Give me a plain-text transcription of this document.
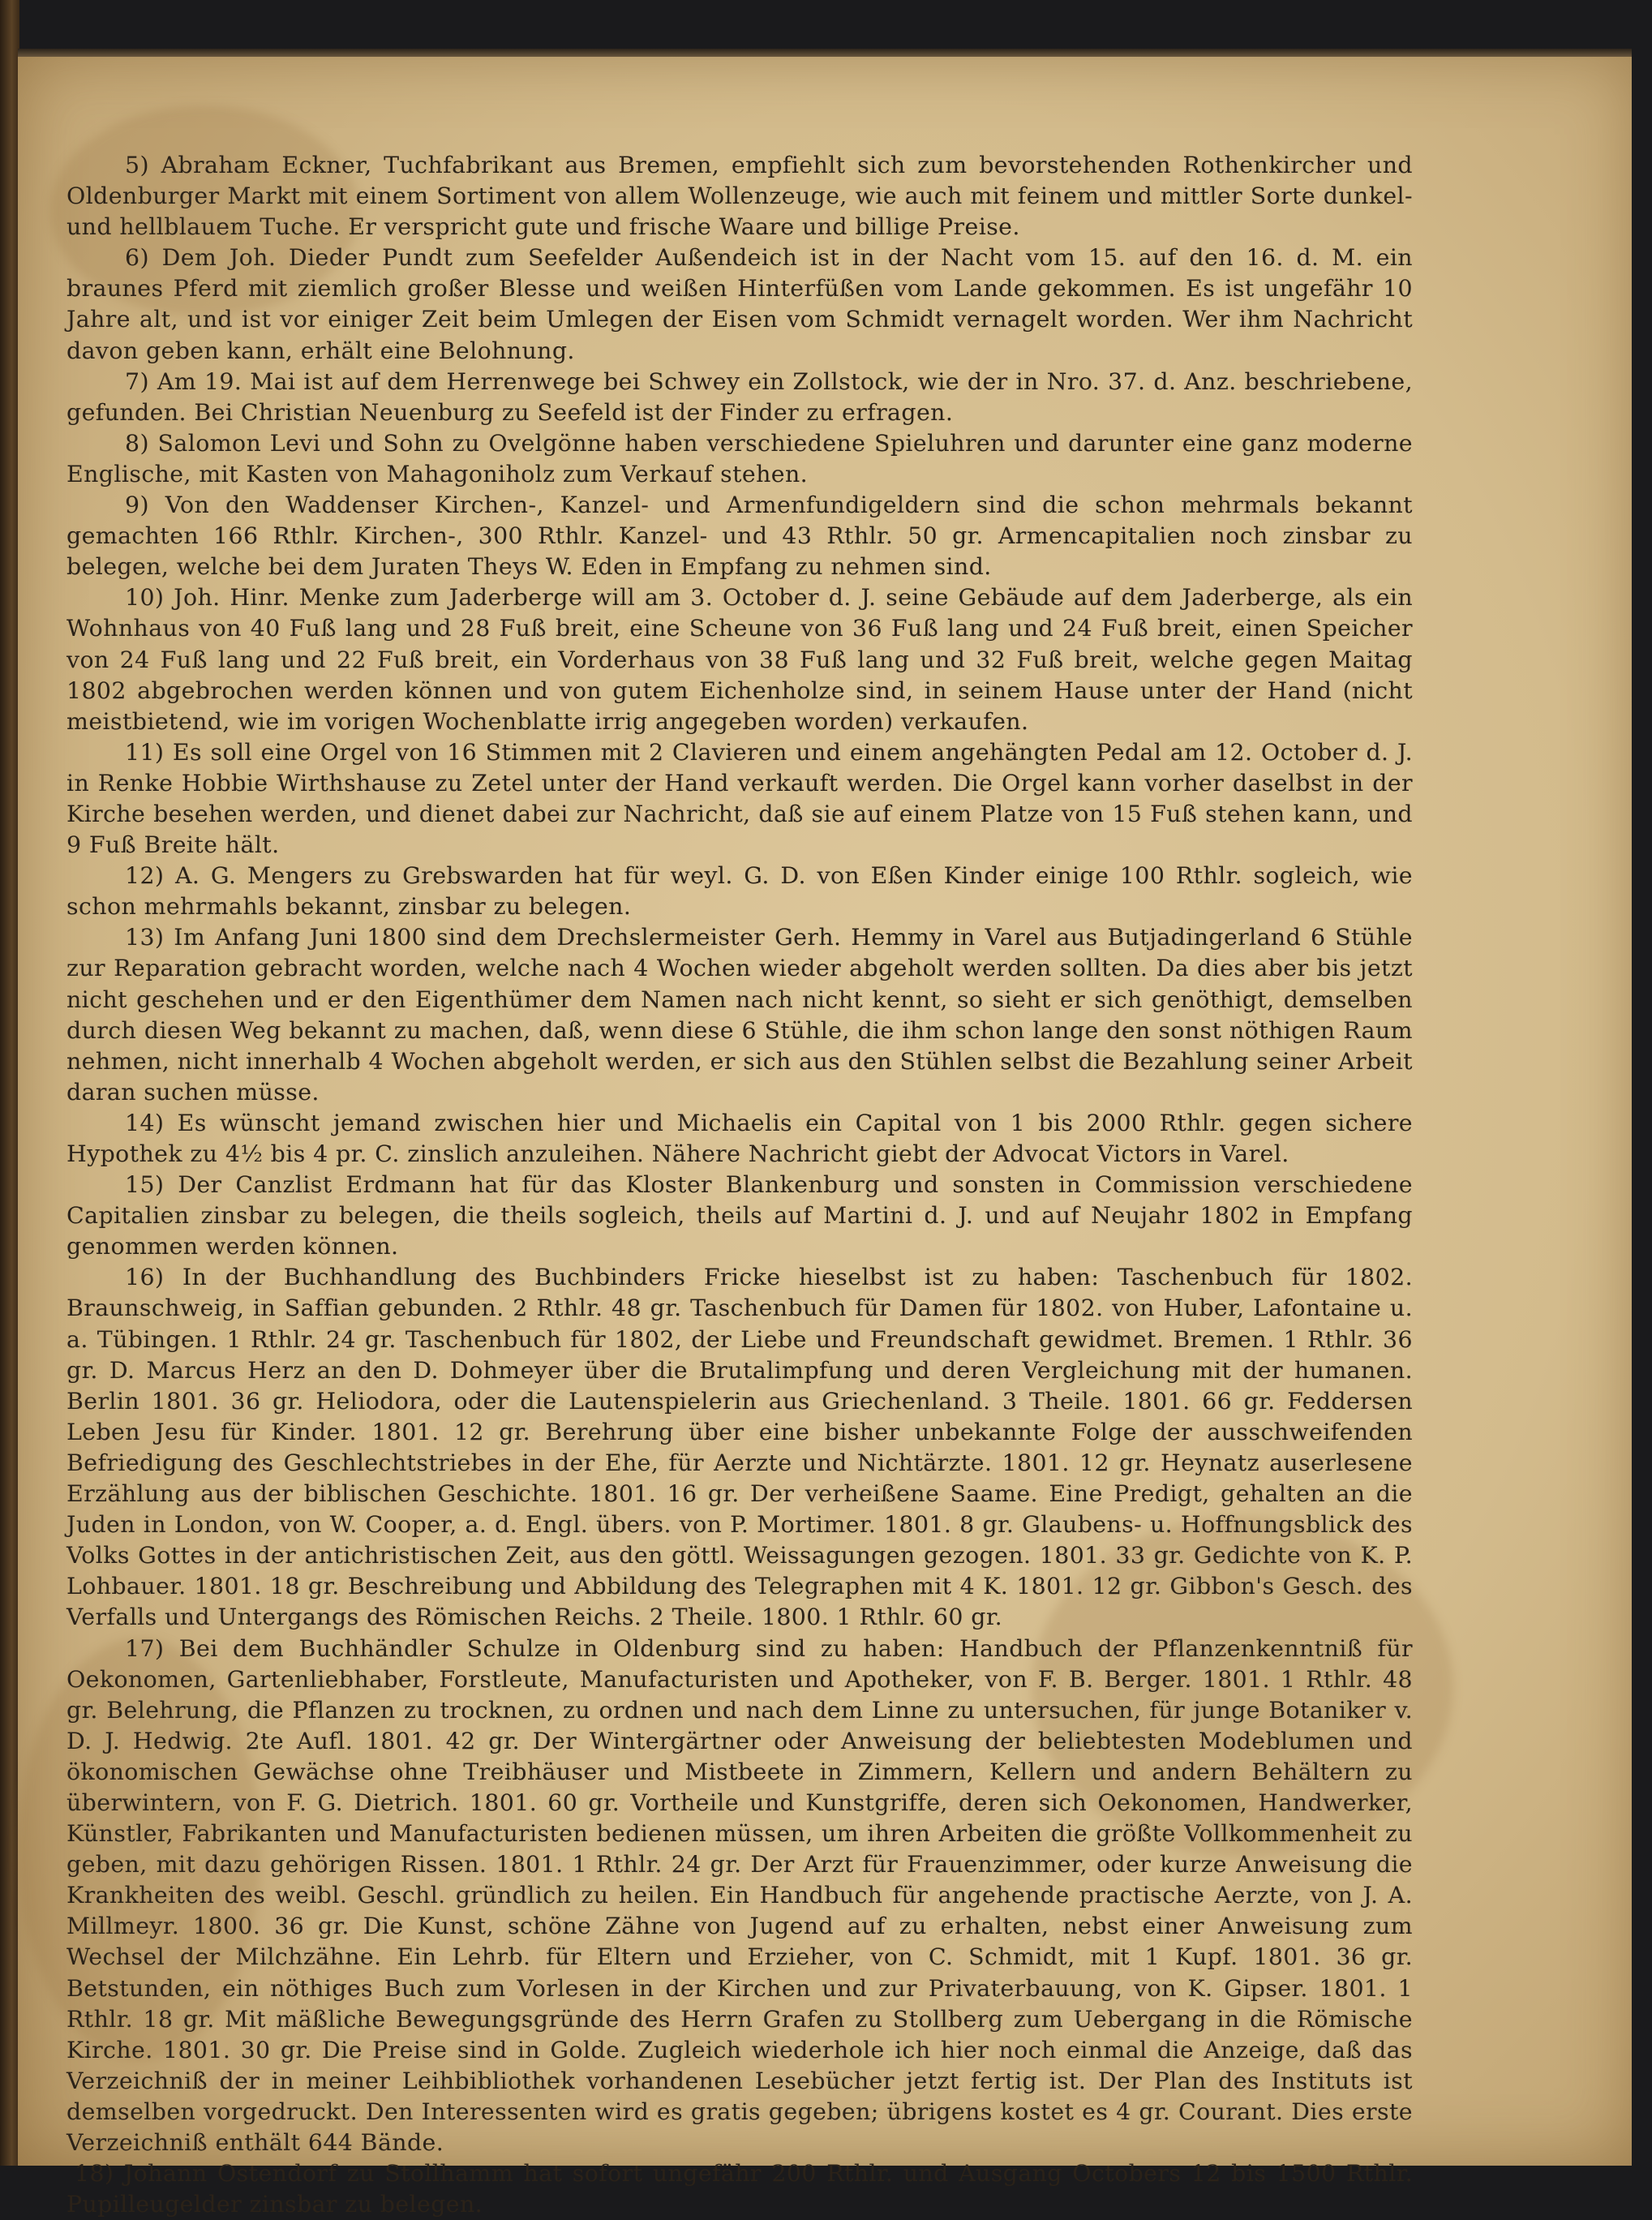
5) Abraham Eckner, Tuchfabrikant aus Bremen, empfiehlt sich zum bevorstehenden Rothenkircher und Oldenburger Markt mit einem Sortiment von allem Wollenzeuge, wie auch mit feinem und mittler Sorte dunkel- und hellblauem Tuche. Er verspricht gute und frische Waare und billige Preise.

6) Dem Joh. Dieder Pundt zum Seefelder Außendeich ist in der Nacht vom 15. auf den 16. d. M. ein braunes Pferd mit ziemlich großer Blesse und weißen Hinterfüßen vom Lande gekommen. Es ist ungefähr 10 Jahre alt, und ist vor einiger Zeit beim Umlegen der Eisen vom Schmidt vernagelt worden. Wer ihm Nachricht davon geben kann, erhält eine Belohnung.

7) Am 19. Mai ist auf dem Herrenwege bei Schwey ein Zollstock, wie der in Nro. 37. d. Anz. beschriebene, gefunden. Bei Christian Neuenburg zu Seefeld ist der Finder zu erfragen.

8) Salomon Levi und Sohn zu Ovelgönne haben verschiedene Spieluhren und darunter eine ganz moderne Englische, mit Kasten von Mahagoniholz zum Verkauf stehen.

9) Von den Waddenser Kirchen-, Kanzel- und Armenfundigeldern sind die schon mehrmals bekannt gemachten 166 Rthlr. Kirchen-, 300 Rthlr. Kanzel- und 43 Rthlr. 50 gr. Armencapitalien noch zinsbar zu belegen, welche bei dem Juraten Theys W. Eden in Empfang zu nehmen sind.

10) Joh. Hinr. Menke zum Jaderberge will am 3. October d. J. seine Gebäude auf dem Jaderberge, als ein Wohnhaus von 40 Fuß lang und 28 Fuß breit, eine Scheune von 36 Fuß lang und 24 Fuß breit, einen Speicher von 24 Fuß lang und 22 Fuß breit, ein Vorderhaus von 38 Fuß lang und 32 Fuß breit, welche gegen Maitag 1802 abgebrochen werden können und von gutem Eichenholze sind, in seinem Hause unter der Hand (nicht meistbietend, wie im vorigen Wochenblatte irrig angegeben worden) verkaufen.

11) Es soll eine Orgel von 16 Stimmen mit 2 Clavieren und einem angehängten Pedal am 12. October d. J. in Renke Hobbie Wirthshause zu Zetel unter der Hand verkauft werden. Die Orgel kann vorher daselbst in der Kirche besehen werden, und dienet dabei zur Nachricht, daß sie auf einem Platze von 15 Fuß stehen kann, und 9 Fuß Breite hält.

12) A. G. Mengers zu Grebswarden hat für weyl. G. D. von Eßen Kinder einige 100 Rthlr. sogleich, wie schon mehrmahls bekannt, zinsbar zu belegen.

13) Im Anfang Juni 1800 sind dem Drechslermeister Gerh. Hemmy in Varel aus Butjadingerland 6 Stühle zur Reparation gebracht worden, welche nach 4 Wochen wieder abgeholt werden sollten. Da dies aber bis jetzt nicht geschehen und er den Eigenthümer dem Namen nach nicht kennt, so sieht er sich genöthigt, demselben durch diesen Weg bekannt zu machen, daß, wenn diese 6 Stühle, die ihm schon lange den sonst nöthigen Raum nehmen, nicht innerhalb 4 Wochen abgeholt werden, er sich aus den Stühlen selbst die Bezahlung seiner Arbeit daran suchen müsse.

14) Es wünscht jemand zwischen hier und Michaelis ein Capital von 1 bis 2000 Rthlr. gegen sichere Hypothek zu 4½ bis 4 pr. C. zinslich anzuleihen. Nähere Nachricht giebt der Advocat Victors in Varel.

15) Der Canzlist Erdmann hat für das Kloster Blankenburg und sonsten in Commission verschiedene Capitalien zinsbar zu belegen, die theils sogleich, theils auf Martini d. J. und auf Neujahr 1802 in Empfang genommen werden können.

16) In der Buchhandlung des Buchbinders Fricke hieselbst ist zu haben: Taschenbuch für 1802. Braunschweig, in Saffian gebunden. 2 Rthlr. 48 gr. Taschenbuch für Damen für 1802. von Huber, Lafontaine u. a. Tübingen. 1 Rthlr. 24 gr. Taschenbuch für 1802, der Liebe und Freundschaft gewidmet. Bremen. 1 Rthlr. 36 gr. D. Marcus Herz an den D. Dohmeyer über die Brutalimpfung und deren Vergleichung mit der humanen. Berlin 1801. 36 gr. Heliodora, oder die Lautenspielerin aus Griechenland. 3 Theile. 1801. 66 gr. Feddersen Leben Jesu für Kinder. 1801. 12 gr. Berehrung über eine bisher unbekannte Folge der ausschweifenden Befriedigung des Geschlechtstriebes in der Ehe, für Aerzte und Nichtärzte. 1801. 12 gr. Heynatz auserlesene Erzählung aus der biblischen Geschichte. 1801. 16 gr. Der verheißene Saame. Eine Predigt, gehalten an die Juden in London, von W. Cooper, a. d. Engl. übers. von P. Mortimer. 1801. 8 gr. Glaubens- u. Hoffnungsblick des Volks Gottes in der antichristischen Zeit, aus den göttl. Weissagungen gezogen. 1801. 33 gr. Gedichte von K. P. Lohbauer. 1801. 18 gr. Beschreibung und Abbildung des Telegraphen mit 4 K. 1801. 12 gr. Gibbon's Gesch. des Verfalls und Untergangs des Römischen Reichs. 2 Theile. 1800. 1 Rthlr. 60 gr.

17) Bei dem Buchhändler Schulze in Oldenburg sind zu haben: Handbuch der Pflanzenkenntniß für Oekonomen, Gartenliebhaber, Forstleute, Manufacturisten und Apotheker, von F. B. Berger. 1801. 1 Rthlr. 48 gr. Belehrung, die Pflanzen zu trocknen, zu ordnen und nach dem Linne zu untersuchen, für junge Botaniker v. D. J. Hedwig. 2te Aufl. 1801. 42 gr. Der Wintergärtner oder Anweisung der beliebtesten Modeblumen und ökonomischen Gewächse ohne Treibhäuser und Mistbeete in Zimmern, Kellern und andern Behältern zu überwintern, von F. G. Dietrich. 1801. 60 gr. Vortheile und Kunstgriffe, deren sich Oekonomen, Handwerker, Künstler, Fabrikanten und Manufacturisten bedienen müssen, um ihren Arbeiten die größte Vollkommenheit zu geben, mit dazu gehörigen Rissen. 1801. 1 Rthlr. 24 gr. Der Arzt für Frauenzimmer, oder kurze Anweisung die Krankheiten des weibl. Geschl. gründlich zu heilen. Ein Handbuch für angehende practische Aerzte, von J. A. Millmeyr. 1800. 36 gr. Die Kunst, schöne Zähne von Jugend auf zu erhalten, nebst einer Anweisung zum Wechsel der Milchzähne. Ein Lehrb. für Eltern und Erzieher, von C. Schmidt, mit 1 Kupf. 1801. 36 gr. Betstunden, ein nöthiges Buch zum Vorlesen in der Kirchen und zur Privaterbauung, von K. Gipser. 1801. 1 Rthlr. 18 gr. Mit mäßliche Bewegungsgründe des Herrn Grafen zu Stollberg zum Uebergang in die Römische Kirche. 1801. 30 gr. Die Preise sind in Golde. Zugleich wiederhole ich hier noch einmal die Anzeige, daß das Verzeichniß der in meiner Leihbibliothek vorhandenen Lesebücher jetzt fertig ist. Der Plan des Instituts ist demselben vorgedruckt. Den Interessenten wird es gratis gegeben; übrigens kostet es 4 gr. Courant. Dies erste Verzeichniß enthält 644 Bände.

18) Johann Ostendorf zu Stollhamm hat sofort ungefähr 200 Rthlr. und Ausgang Octobers 12 bis 1500 Rthlr. Pupilleugelder zinsbar zu belegen.
